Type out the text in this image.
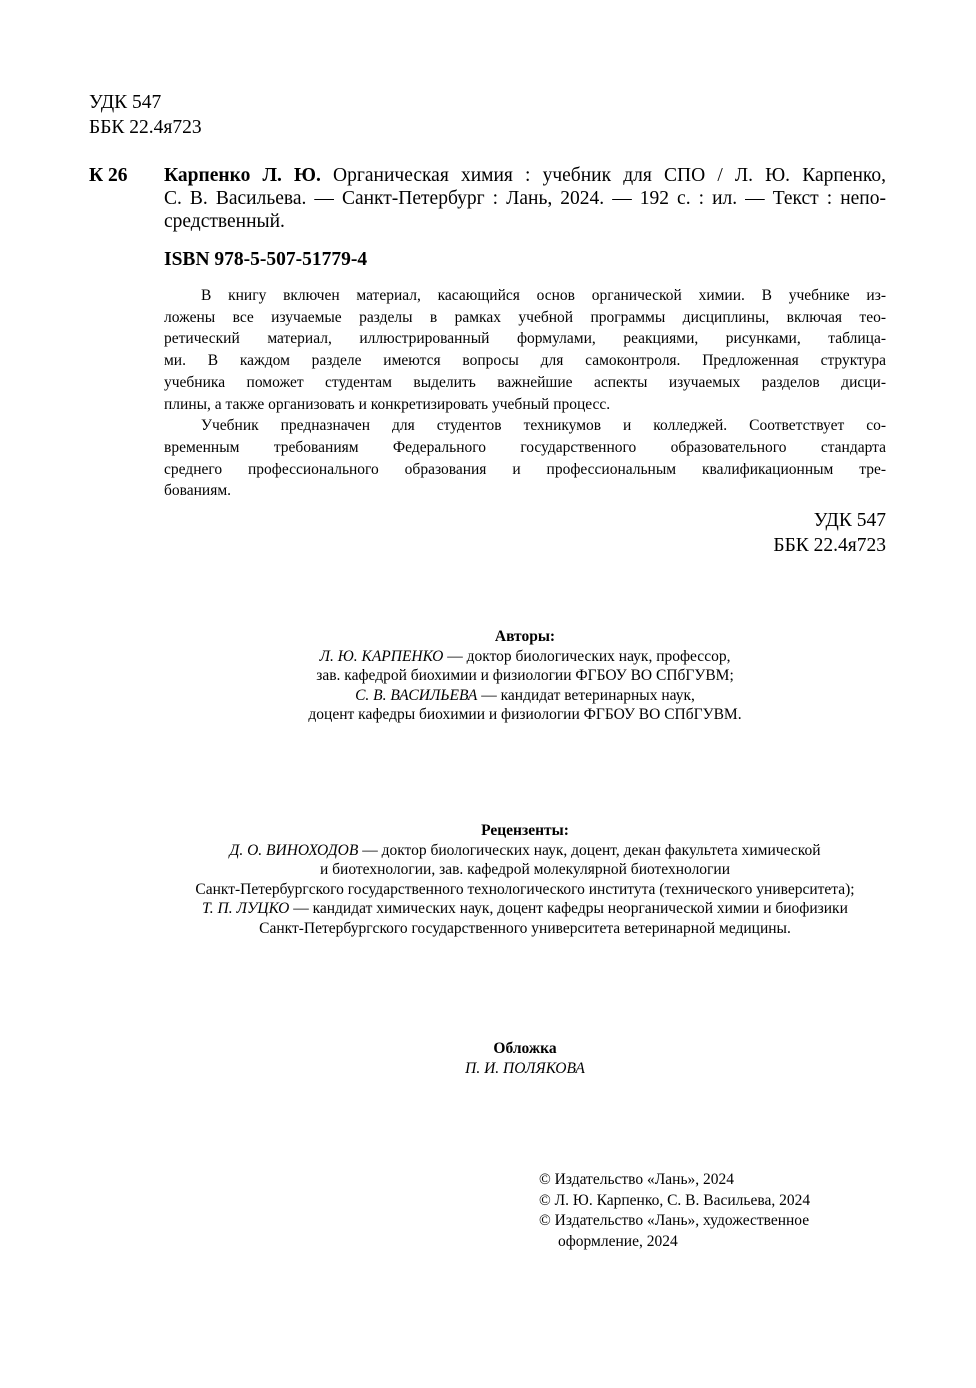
УДК 547
ББК 22.4я723
К 26 Карпенко Л. Ю. Органическая химия : учебник для СПО / Л. Ю. Карпенко,
С. В. Васильева. — Санкт-Петербург : Лань, 2024. — 192 с. : ил. — Текст : непо-
средственный.
ISBN 978-5-507-51779-4
В книгу включен материал, касающийся основ органической химии. В учебнике из-
ложены все изучаемые разделы в рамках учебной программы дисциплины, включая тео-
ретический материал, иллюстрированный формулами, реакциями, рисунками, таблица-
ми. В каждом разделе имеются вопросы для самоконтроля. Предложенная структура
учебника поможет студентам выделить важнейшие аспекты изучаемых разделов дисци-
плины, а также организовать и конкретизировать учебный процесс.
Учебник предназначен для студентов техникумов и колледжей. Соответствует со-
временным требованиям Федерального государственного образовательного стандарта
среднего профессионального образования и профессиональным квалификационным тре-
бованиям.
УДК 547
ББК 22.4я723
Авторы:
Л. Ю. КАРПЕНКО — доктор биологических наук, профессор,
зав. кафедрой биохимии и физиологии ФГБОУ ВО СПбГУВМ;
С. В. ВАСИЛЬЕВА — кандидат ветеринарных наук,
доцент кафедры биохимии и физиологии ФГБОУ ВО СПбГУВМ.
Рецензенты:
Д. О. ВИНОХОДОВ — доктор биологических наук, доцент, декан факультета химической
и биотехнологии, зав. кафедрой молекулярной биотехнологии
Санкт-Петербургского государственного технологического института (технического университета);
Т. П. ЛУЦКО — кандидат химических наук, доцент кафедры неорганической химии и биофизики
Санкт-Петербургского государственного университета ветеринарной медицины.
Обложка
П. И. ПОЛЯКОВА
© Издательство «Лань», 2024
© Л. Ю. Карпенко, С. В. Васильева, 2024
© Издательство «Лань», художественное
оформление, 2024
